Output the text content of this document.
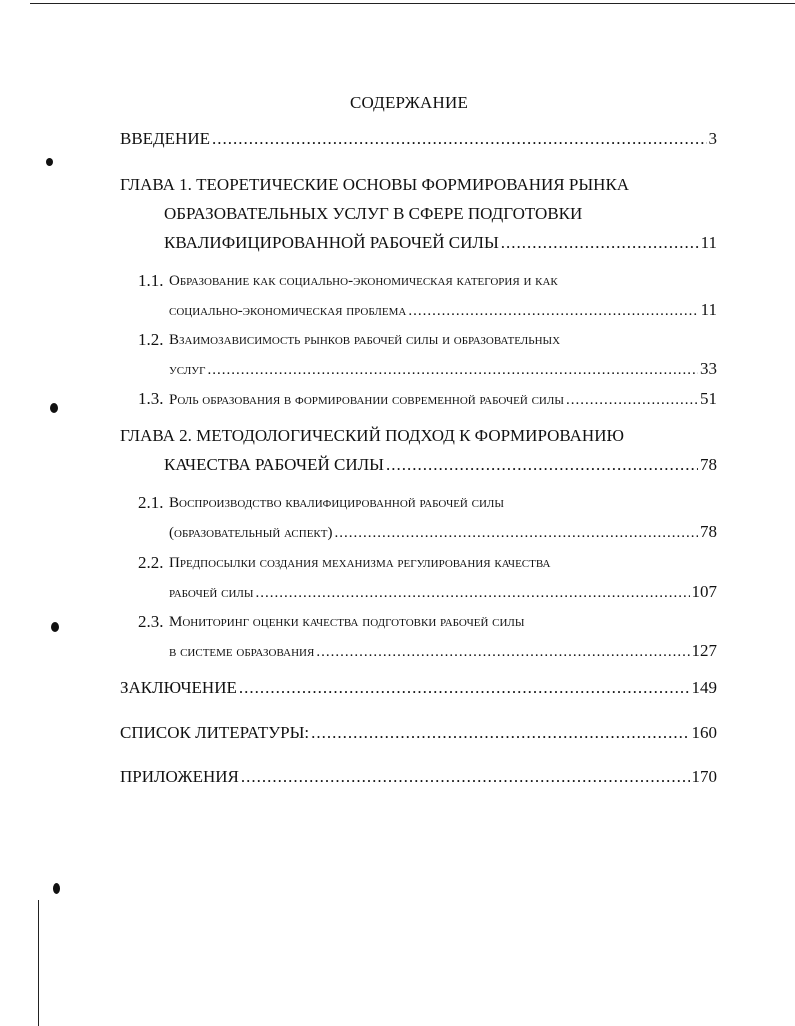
СОДЕРЖАНИЕ
ВВЕДЕНИЕ .....	3
ГЛАВА 1. ТЕОРЕТИЧЕСКИЕ ОСНОВЫ ФОРМИРОВАНИЯ РЫНКА
ОБРАЗОВАТЕЛЬНЫХ УСЛУГ В СФЕРЕ ПОДГОТОВКИ
КВАЛИФИЦИРОВАННОЙ РАБОЧЕЙ СИЛЫ .....	11
1.1. Образование как социально-экономическая категория и как
социально-экономическая проблема .....	11
1.2. Взаимозависимость рынков рабочей силы и образовательных
услуг .....	33
1.3. Роль образования в формировании современной рабочей силы .....	51
ГЛАВА 2. МЕТОДОЛОГИЧЕСКИЙ ПОДХОД К ФОРМИРОВАНИЮ
КАЧЕСТВА РАБОЧЕЙ СИЛЫ .....	78
2.1. Воспроизводство квалифицированной рабочей силы
(образовательный аспект) .....	78
2.2. Предпосылки создания механизма регулирования качества
рабочей силы .....	107
2.3. Мониторинг оценки качества подготовки рабочей силы
в системе образования .....	127
ЗАКЛЮЧЕНИЕ .....	149
СПИСОК ЛИТЕРАТУРЫ: .....	160
ПРИЛОЖЕНИЯ .....	170
